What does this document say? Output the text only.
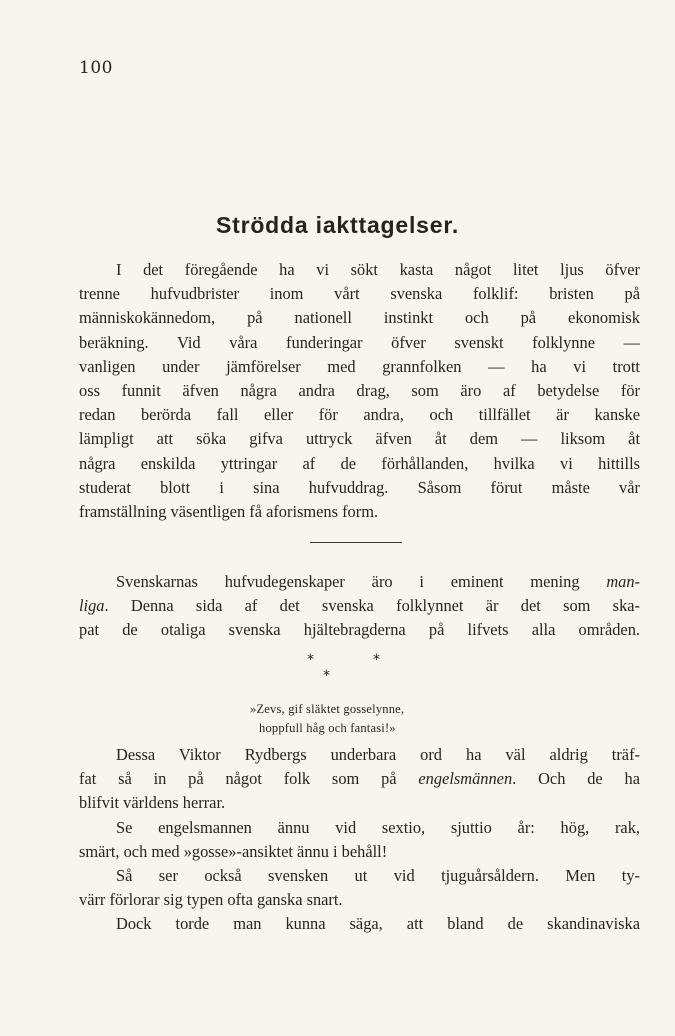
100
Strödda iakttagelser.
I det föregående ha vi sökt kasta något litet ljus öfver
trenne hufvudbrister inom vårt svenska folklif: bristen på
människokännedom, på nationell instinkt och på ekonomisk
beräkning. Vid våra funderingar öfver svenskt folklynne —
vanligen under jämförelser med grannfolken — ha vi trott
oss funnit äfven några andra drag, som äro af betydelse för
redan berörda fall eller för andra, och tillfället är kanske
lämpligt att söka gifva uttryck äfven åt dem — liksom åt
några enskilda yttringar af de förhållanden, hvilka vi hittills
studerat blott i sina hufvuddrag. Såsom förut måste vår
framställning väsentligen få aforismens form.
Svenskarnas hufvudegenskaper äro i eminent mening man-
liga. Denna sida af det svenska folklynnet är det som ska-
pat de otaliga svenska hjältebragderna på lifvets alla områden.
*	*
*
»Zevs, gif släktet gosselynne,
hoppfull håg och fantasi!»
Dessa Viktor Rydbergs underbara ord ha väl aldrig träf-
fat så in på något folk som på engelsmännen. Och de ha
blifvit världens herrar.
Se engelsmannen ännu vid sextio, sjuttio år: hög, rak,
smärt, och med »gosse»-ansiktet ännu i behåll!
Så ser också svensken ut vid tjuguårsåldern. Men ty-
värr förlorar sig typen ofta ganska snart.
Dock torde man kunna säga, att bland de skandinaviska
